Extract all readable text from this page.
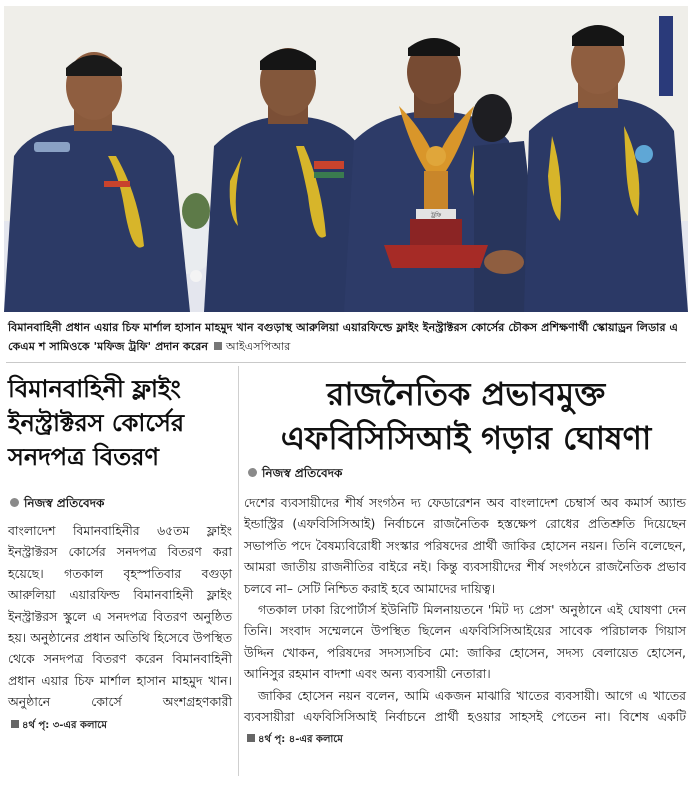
ট্রফি
বিমানবাহিনী প্রধান এয়ার চিফ মার্শাল হাসান মাহমুদ খান বগুড়াস্থ আরুলিয়া এয়ারফিল্ডে ফ্লাইং ইনস্ট্রাক্টরস কোর্সের চৌকস প্রশিক্ষণার্থী স্কোয়াড্রন লিডার এ কেএম শ সামিওকে 'মফিজ ট্রফি' প্রদান করেন আইএসপিআর
বিমানবাহিনী ফ্লাইং ইনস্ট্রাক্টরস কোর্সের সনদপত্র বিতরণ
নিজস্ব প্রতিবেদক
বাংলাদেশ বিমানবাহিনীর ৬৫তম ফ্লাইং ইনস্ট্রাক্টরস কোর্সের সনদপত্র বিতরণ করা হয়েছে। গতকাল বৃহস্পতিবার বগুড়া আরুলিয়া এয়ারফিল্ড বিমানবাহিনী ফ্লাইং ইনস্ট্রাক্টরস স্কুলে এ সনদপত্র বিতরণ অনুষ্ঠিত হয়। অনুষ্ঠানের প্রধান অতিথি হিসেবে উপস্থিত থেকে সনদপত্র বিতরণ করেন বিমানবাহিনী প্রধান এয়ার চিফ মার্শাল হাসান মাহমুদ খান। অনুষ্ঠানে কোর্সে অংশগ্রহণকারী ৪র্থ পৃ: ৩-এর কলামে
রাজনৈতিক প্রভাবমুক্ত এফবিসিসিআই গড়ার ঘোষণা
নিজস্ব প্রতিবেদক

দেশের ব্যবসায়ীদের শীর্ষ সংগঠন দ্য ফেডারেশন অব বাংলাদেশ চেম্বার্স অব কমার্স অ্যান্ড ইন্ডাস্ট্রির (এফবিসিসিআই) নির্বাচনে রাজনৈতিক হস্তক্ষেপ রোধের প্রতিশ্রুতি দিয়েছেন সভাপতি পদে বৈষম্যবিরোধী সংস্কার পরিষদের প্রার্থী জাকির হোসেন নয়ন। তিনি বলেছেন, আমরা জাতীয় রাজনীতির বাইরে নই। কিন্তু ব্যবসায়ীদের শীর্ষ সংগঠনে রাজনৈতিক প্রভাব চলবে না– সেটি নিশ্চিত করাই হবে আমাদের দায়িত্ব।

গতকাল ঢাকা রিপোর্টার্স ইউনিটি মিলনায়তনে 'মিট দ্য প্রেস' অনুষ্ঠানে এই ঘোষণা দেন তিনি। সংবাদ সম্মেলনে উপস্থিত ছিলেন এফবিসিসিআইয়ের সাবেক পরিচালক গিয়াস উদ্দিন খোকন, পরিষদের সদস্যসচিব মো: জাকির হোসেন, সদস্য বেলায়েত হোসেন, আনিসুর রহমান বাদশা এবং অন্য ব্যবসায়ী নেতারা।

জাকির হোসেন নয়ন বলেন, আমি একজন মাঝারি খাতের ব্যবসায়ী। আগে এ খাতের ব্যবসায়ীরা এফবিসিসিআই নির্বাচনে প্রার্থী হওয়ার সাহসই পেতেন না। বিশেষ একটি ৪র্থ পৃ: ৪-এর কলামে
